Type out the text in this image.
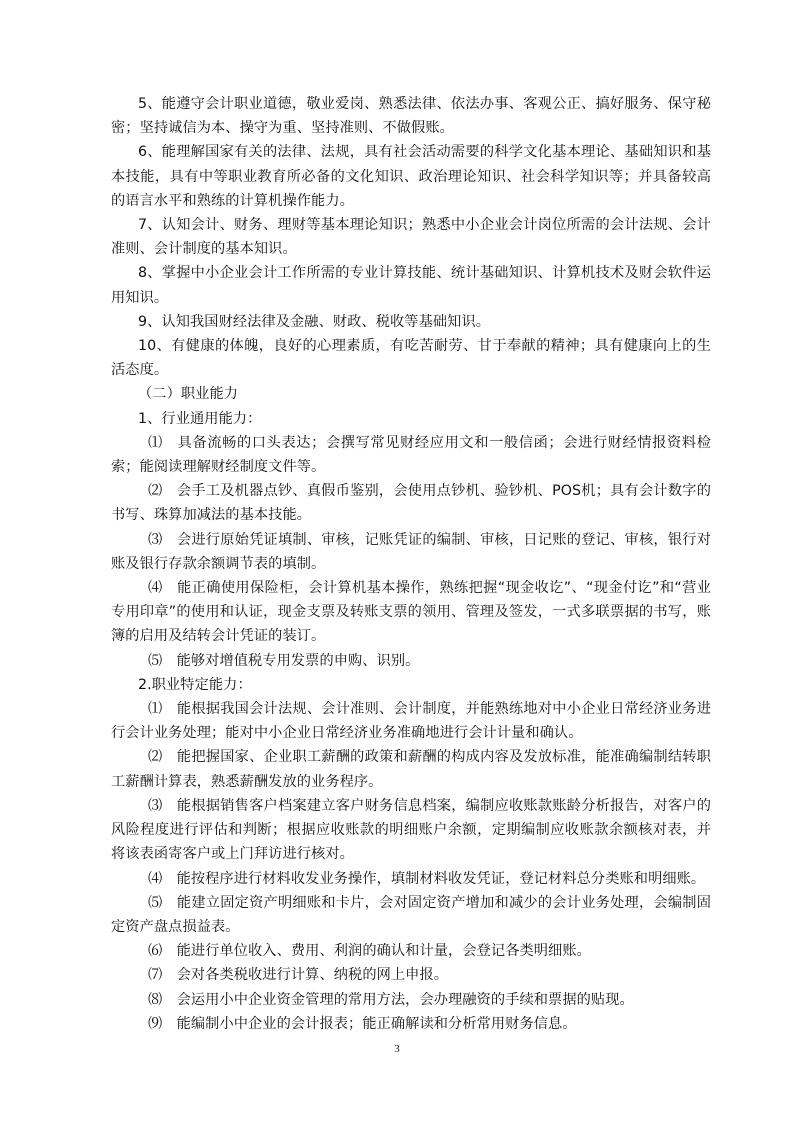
5、能遵守会计职业道德，敬业爱岗、熟悉法律、依法办事、客观公正、搞好服务、保守秘密；坚持诚信为本、操守为重、坚持准则、不做假账。

6、能理解国家有关的法律、法规，具有社会活动需要的科学文化基本理论、基础知识和基本技能，具有中等职业教育所必备的文化知识、政治理论知识、社会科学知识等；并具备较高的语言水平和熟练的计算机操作能力。

7、认知会计、财务、理财等基本理论知识；熟悉中小企业会计岗位所需的会计法规、会计准则、会计制度的基本知识。

8、掌握中小企业会计工作所需的专业计算技能、统计基础知识、计算机技术及财会软件运用知识。

9、认知我国财经法律及金融、财政、税收等基础知识。

10、有健康的体魄，良好的心理素质，有吃苦耐劳、甘于奉献的精神；具有健康向上的生活态度。

（二）职业能力

1、行业通用能力：

⑴　具备流畅的口头表达；会撰写常见财经应用文和一般信函；会进行财经情报资料检索；能阅读理解财经制度文件等。

⑵　会手工及机器点钞、真假币鉴别，会使用点钞机、验钞机、POS机；具有会计数字的书写、珠算加减法的基本技能。

⑶　会进行原始凭证填制、审核，记账凭证的编制、审核，日记账的登记、审核，银行对账及银行存款余额调节表的填制。

⑷　能正确使用保险柜，会计算机基本操作，熟练把握“现金收讫”、“现金付讫”和“营业专用印章”的使用和认证，现金支票及转账支票的领用、管理及签发，一式多联票据的书写，账簿的启用及结转会计凭证的装订。

⑸　能够对增值税专用发票的申购、识别。

2.职业特定能力：

⑴　能根据我国会计法规、会计准则、会计制度，并能熟练地对中小企业日常经济业务进行会计业务处理；能对中小企业日常经济业务准确地进行会计计量和确认。

⑵　能把握国家、企业职工薪酬的政策和薪酬的构成内容及发放标准，能准确编制结转职工薪酬计算表，熟悉薪酬发放的业务程序。

⑶　能根据销售客户档案建立客户财务信息档案，编制应收账款账龄分析报告，对客户的风险程度进行评估和判断；根据应收账款的明细账户余额，定期编制应收账款余额核对表，并将该表函寄客户或上门拜访进行核对。

⑷　能按程序进行材料收发业务操作，填制材料收发凭证，登记材料总分类账和明细账。

⑸　能建立固定资产明细账和卡片，会对固定资产增加和减少的会计业务处理，会编制固定资产盘点损益表。

⑹　能进行单位收入、费用、利润的确认和计量，会登记各类明细账。

⑺　会对各类税收进行计算、纳税的网上申报。

⑻　会运用小中企业资金管理的常用方法，会办理融资的手续和票据的贴现。

⑼　能编制小中企业的会计报表；能正确解读和分析常用财务信息。

3
